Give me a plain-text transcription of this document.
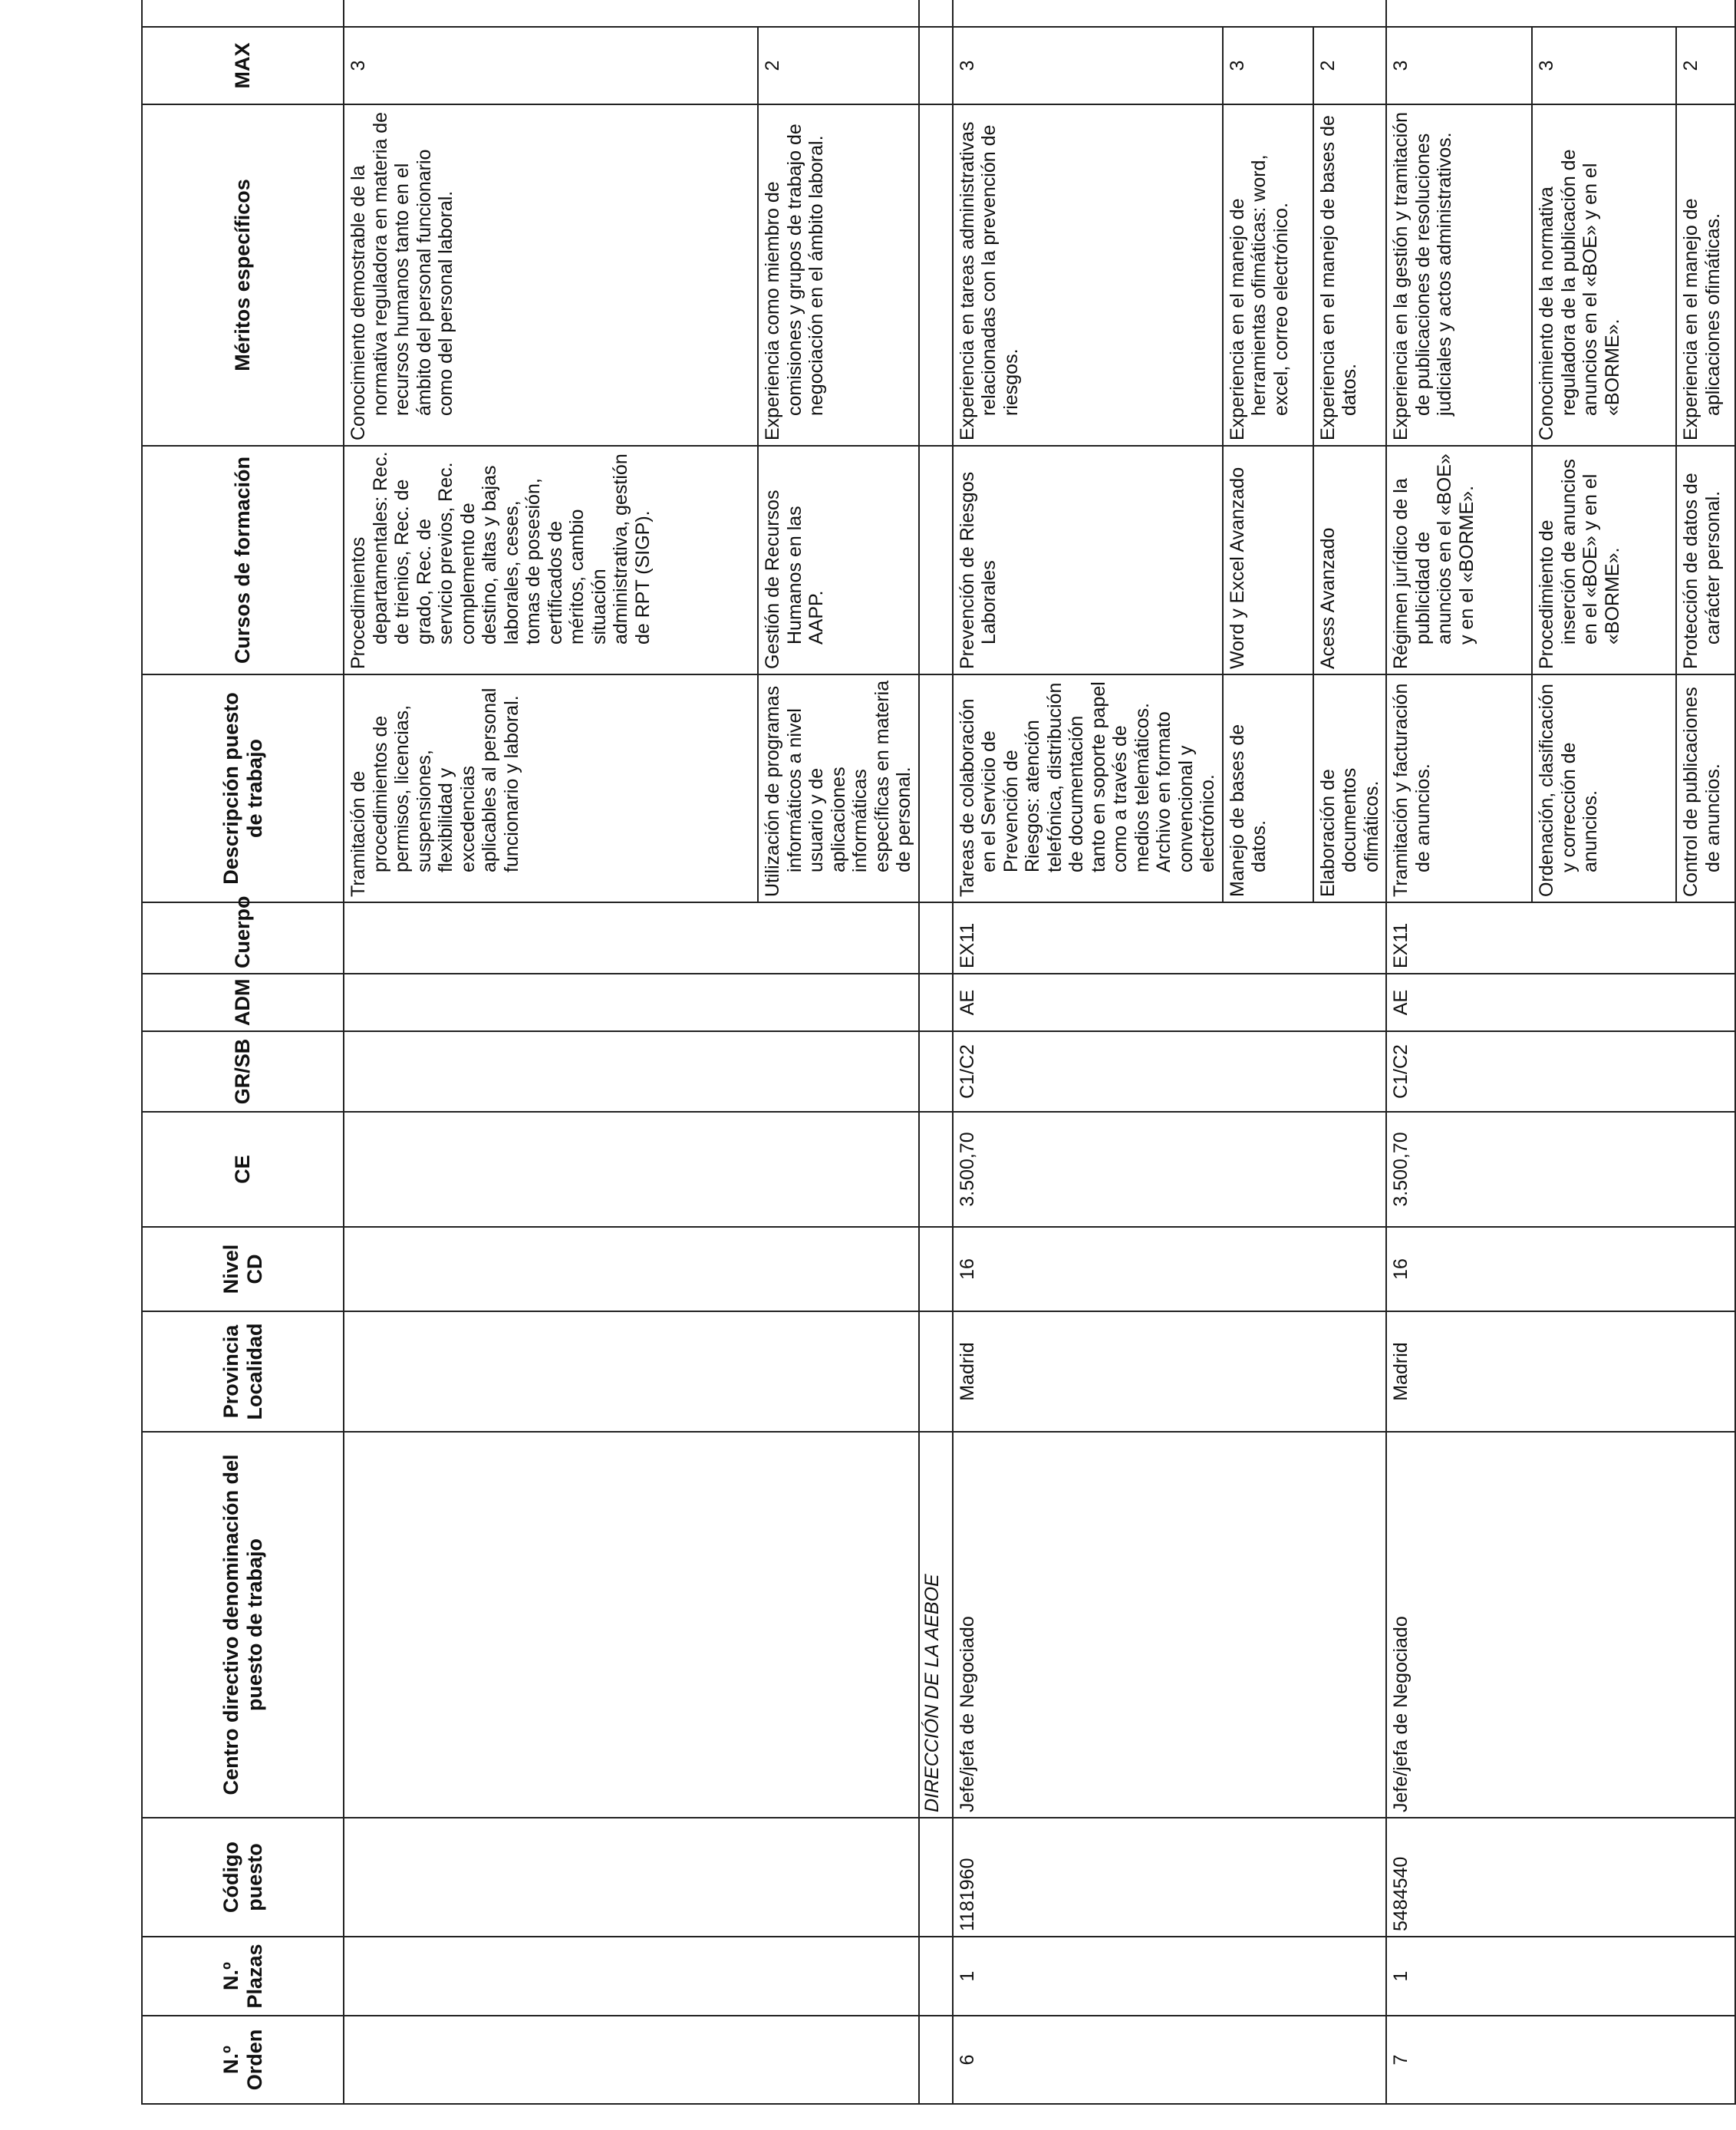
N.º Orden	N.º Plazas	Código puesto	Centro directivo denominación del puesto de trabajo	Provincia Localidad	Nivel CD	CE	GR/SB	ADM	Cuerpo	Descripción puesto de trabajo	Cursos de formación	Méritos específicos	MAX	
										Tramitación de procedimientos de permisos, licencias, suspensiones, flexibilidad y excedencias aplicables al personal funcionario y laboral.	Procedimientos departamentales: Rec. de trienios, Rec. de grado, Rec. de servicio previos, Rec. complemento de destino, altas y bajas laborales, ceses, tomas de posesión, certificados de méritos, cambio situación administrativa, gestión de RPT (SIGP).	Conocimiento demostrable de la normativa reguladora en materia de recursos humanos tanto en el ámbito del personal funcionario como del personal laboral.	3	
										Utilización de programas informáticos a nivel usuario y de aplicaciones informáticas específicas en materia de personal.	Gestión de Recursos Humanos en las AAPP.	Experiencia como miembro de comisiones y grupos de trabajo de negociación en el ámbito laboral.	2	
			DIRECCIÓN DE LA AEBOE											
6	1	1181960	Jefe/jefa de Negociado	Madrid	16	3.500,70	C1/C2	AE	EX11	Tareas de colaboración en el Servicio de Prevención de Riesgos: atención telefónica, distribución de documentación tanto en soporte papel como a través de medios telemáticos. Archivo en formato convencional y electrónico.	Prevención de Riesgos Laborales	Experiencia en tareas administrativas relacionadas con la prevención de riesgos.	3	
										Manejo de bases de datos.	Word y Excel Avanzado	Experiencia en el manejo de herramientas ofimáticas: word, excel, correo electrónico.	3	
										Elaboración de documentos ofimáticos.	Acess Avanzado	Experiencia en el manejo de bases de datos.	2	
7	1	5484540	Jefe/jefa de Negociado	Madrid	16	3.500,70	C1/C2	AE	EX11	Tramitación y facturación de anuncios.	Régimen jurídico de la publicidad de anuncios en el «BOE» y en el «BORME».	Experiencia en la gestión y tramitación de publicaciones de resoluciones judiciales y actos administrativos.	3	
										Ordenación, clasificación y corrección de anuncios.	Procedimiento de inserción de anuncios en el «BOE» y en el «BORME».	Conocimiento de la normativa reguladora de la publicación de anuncios en el «BOE» y en el «BORME».	3	
										Control de publicaciones de anuncios.	Protección de datos de carácter personal.	Experiencia en el manejo de aplicaciones ofimáticas.	2	
